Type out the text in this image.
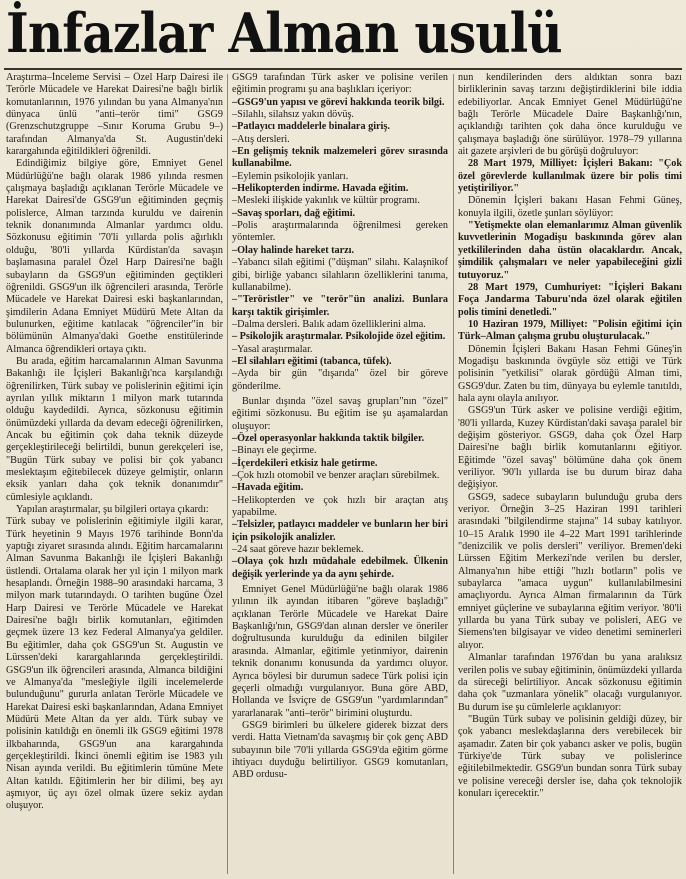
İnfazlar Alman usulü

Araştırma–İnceleme Servisi – Özel Harp Dairesi ile Terörle Mücadele ve Harekat Dairesi'ne bağlı birlik komutanlarının, 1976 yılından bu yana Almanya'nın dünyaca ünlü "anti–terör timi" GSG9 (Grenzschutzgruppe –Sınır Koruma Grubu 9–) tarafından Almanya'da St. Augustin'deki karargahında eğitildikleri öğrenildi.

Edindiğimiz bilgiye göre, Emniyet Genel Müdürlüğü'ne bağlı olarak 1986 yılında resmen çalışmaya başladığı açıklanan Terörle Mücadele ve Harekat Dairesi'de GSG9'un eğitiminden geçmiş polislerce, Alman tarzında kuruldu ve dairenin teknik donanımında Almanlar yardımcı oldu. Sözkonusu eğitimin '70'li yıllarda polis ağırlıklı olduğu, '80'li yıllarda Kürdistan'da savaşın başlamasına paralel Özel Harp Dairesi'ne bağlı subayların da GSG9'un eğitiminden geçtikleri öğrenildi. GSG9'un ilk öğrencileri arasında, Terörle Mücadele ve Harekat Dairesi eski başkanlarından, şimdilerin Adana Emniyet Müdürü Mete Altan da bulunurken, eğitime katılacak "öğrenciler"in bir bölümünün Almanya'daki Goethe enstitülerinde Almanca öğrendikleri ortaya çıktı.

Bu arada, eğitim harcamalarının Alman Savunma Bakanlığı ile İçişleri Bakanlığı'nca karşılandığı öğrenilirken, Türk subay ve polislerinin eğitimi için ayrılan yıllık miktarın 1 milyon mark tutarında olduğu kaydedildi. Ayrıca, sözkonusu eğitimin önümüzdeki yıllarda da devam edeceği öğrenilirken, Ancak bu eğitimin çok daha teknik düzeyde gerçekleştirileceği belirtildi, bunun gerekçeleri ise, "Bugün Türk subay ve polisi bir çok yabancı meslektaşım eğitebilecek düzeye gelmiştir, onların eksik yanları daha çok teknik donanımdır" cümlesiyle açıklandı.

Yapılan araştırmalar, şu bilgileri ortaya çıkardı:

Türk subay ve polislerinin eğitimiyle ilgili karar, Türk heyetinin 9 Mayıs 1976 tarihinde Bonn'da yaptığı ziyaret sırasında alındı. Eğitim harcamalarını Alman Savunma Bakanlığı ile İçişleri Bakanlığı üstlendi. Ortalama olarak her yıl için 1 milyon mark hesaplandı. Örneğin 1988–90 arasındaki harcama, 3 milyon mark tutarındaydı. O tarihten bugüne Özel Harp Dairesi ve Terörle Mücadele ve Harekat Dairesi'ne bağlı birlik komutanları, eğitimden geçmek üzere 13 kez Federal Almanya'ya geldiler. Bu eğitimler, daha çok GSG9'un St. Augustin ve Lürssen'deki karargahlarında gerçekleştirildi. GSG9'un ilk öğrencileri arasında, Almanca bildiğini ve Almanya'da "mesleğiyle ilgili incelemelerde bulunduğunu" gururla anlatan Terörle Mücadele ve Harekat Dairesi eski başkanlarından, Adana Emniyet Müdürü Mete Altan da yer aldı. Türk subay ve polisinin katıldığı en önemli ilk GSG9 eğitimi 1978 ilkbaharında, GSG9'un ana karargahında gerçekleştirildi. İkinci önemli eğitim ise 1983 yılı Nisan ayında verildi. Bu eğitimlerin tümüne Mete Altan katıldı. Eğitimlerin her bir dilimi, beş ayı aşmıyor, üç ayı özel olmak üzere sekiz aydan oluşuyor.

GSG9 tarafından Türk asker ve polisine verilen eğitimin programı şu ana başlıkları içeriyor:

–GSG9'un yapısı ve görevi hakkında teorik bilgi.

–Silahlı, silahsız yakın dövüş.

–Patlayıcı maddelerle binalara giriş.

–Atış dersleri.

–En gelişmiş teknik malzemeleri görev sırasında kullanabilme.

–Eylemin psikolojik yanları.

–Helikopterden indirme. Havada eğitim.

–Mesleki ilişkide yakınlık ve kültür programı.

–Savaş sporları, dağ eğitimi.

–Polis araştırmalarında öğrenilmesi gereken yöntemler.

–Olay halinde hareket tarzı.

–Yabancı silah eğitimi ("düşman" silahı. Kalaşnikof gibi, birliğe yabancı silahların özelliklerini tanıma, kullanabilme).

–"Teröristler" ve "terör"ün analizi. Bunlara karşı taktik girişimler.

–Dalma dersleri. Balık adam özelliklerini alma.

– Psikolojik araştırmalar. Psikolojide özel eğitim.

–Yasal araştırmalar.

–El silahları eğitimi (tabanca, tüfek).

–Ayda bir gün "dışarıda" özel bir göreve gönderilme.

Bunlar dışında "özel savaş grupları"nın "özel" eğitimi sözkonusu. Bu eğitim ise şu aşamalardan oluşuyor:

–Özel operasyonlar hakkında taktik bilgiler.

–Binayı ele geçirme.

–İçerdekileri etkisiz hale getirme.

–Çok hızlı otomobil ve benzer araçları sürebilmek.

–Havada eğitim.

–Helikopterden ve çok hızlı bir araçtan atış yapabilme.

–Telsizler, patlayıcı maddeler ve bunların her biri için psikolojik analizler.

–24 saat göreve hazır beklemek.

–Olaya çok hızlı müdahale edebilmek. Ülkenin değişik yerlerinde ya da aynı şehirde.

Emniyet Genel Müdürlüğü'ne bağlı olarak 1986 yılının ilk ayından itibaren "göreve başladığı" açıklanan Terörle Mücadele ve Harekat Daire Başkanlığı'nın, GSG9'dan alınan dersler ve öneriler doğrultusunda kurulduğu da edinilen bilgiler arasında. Almanlar, eğitimle yetinmiyor, dairenin teknik donanımı konusunda da yardımcı oluyor. Ayrıca böylesi bir durumun sadece Türk polisi için geçerli olmadığı vurgulanıyor. Buna göre ABD, Hollanda ve İsviçre de GSG9'un "yardımlarından" yararlanarak "anti–terör" birimini oluşturdu.

GSG9 birimleri bu ülkelere giderek bizzat ders verdi. Hatta Vietnam'da savaşmış bir çok genç ABD subayının bile '70'li yıllarda GSG9'da eğitim görme ihtiyacı duyduğu belirtiliyor. GSG9 komutanları, ABD ordusu-

nun kendilerinden ders aldıktan sonra bazı birliklerinin savaş tarzını değiştirdiklerini bile iddia edebiliyorlar. Ancak Emniyet Genel Müdürlüğü'ne bağlı Terörle Mücadele Daire Başkanlığı'nın, açıklandığı tarihten çok daha önce kurulduğu ve çalışmaya başladığı öne sürülüyor. 1978–79 yıllarına ait gazete arşivleri de bu görüşü doğruluyor:

28 Mart 1979, Milliyet: İçişleri Bakanı: "Çok özel görevlerde kullanılmak üzere bir polis timi yetiştiriliyor."

Dönemin İçişleri bakanı Hasan Fehmi Güneş, konuyla ilgili, özetle şunları söylüyor:

"Yetişmekte olan elemanlarımız Alman güvenlik kuvvetlerinin Mogadişu baskınında görev alan yetkililerinden daha üstün olacaklardır. Ancak, şimdilik çalışmaları ve neler yapabileceğini gizli tutuyoruz."

28 Mart 1979, Cumhuriyet: "İçişleri Bakanı Foça Jandarma Taburu'nda özel olarak eğitilen polis timini denetledi."

10 Haziran 1979, Milliyet: "Polisin eğitimi için Türk–Alman çalışma grubu oluşturulacak."

Dönemin İçişleri Bakanı Hasan Fehmi Güneş'in Mogadişu baskınında övgüyle söz ettiği ve Türk polisinin "yetkilisi" olarak gördüğü Alman timi, GSG9'dur. Zaten bu tim, dünyaya bu eylemle tanıtıldı, hala aynı olayla anılıyor.

GSG9'un Türk asker ve polisine verdiği eğitim, '80'li yıllarda, Kuzey Kürdistan'daki savaşa paralel bir değişim gösteriyor. GSG9, daha çok Özel Harp Dairesi'ne bağlı birlik komutanlarını eğitiyor. Eğitimde "özel savaş" bölümüne daha çok önem veriliyor. '90'lı yıllarda ise bu durum biraz daha değişiyor.

GSG9, sadece subayların bulunduğu gruba ders veriyor. Örneğin 3–25 Haziran 1991 tarihleri arasındaki "bilgilendirme stajına" 14 subay katılıyor. 10–15 Aralık 1990 ile 4–22 Mart 1991 tarihlerinde "denizcilik ve polis dersleri" veriliyor. Bremen'deki Lürssen Eğitim Merkezi'nde verilen bu dersler, Almanya'nın hibe ettiği "hızlı botların" polis ve subaylarca "amaca uygun" kullanılabilmesini amaçlıyordu. Ayrıca Alman firmalarının da Türk emniyet güçlerine ve subaylarına eğitim veriyor. '80'li yıllarda bu yana Türk subay ve polisleri, AEG ve Siemens'ten bilgisayar ve video denetimi seminerleri alıyor.

Almanlar tarafından 1976'dan bu yana aralıksız verilen polis ve subay eğitiminin, önümüzdeki yıllarda da süreceği belirtiliyor. Ancak sözkonusu eğitimin daha çok "uzmanlara yönelik" olacağı vurgulanıyor. Bu durum ise şu cümlelerle açıklanıyor:

"Bugün Türk subay ve polisinin geldiği düzey, bir çok yabancı meslekdaşlarına ders verebilecek bir aşamadır. Zaten bir çok yabancı asker ve polis, bugün Türkiye'de Türk subay ve polislerince eğitilebilmektedir. GSG9'un bundan sonra Türk subay ve polisine vereceği dersler ise, daha çok teknolojik konuları içerecektir."
